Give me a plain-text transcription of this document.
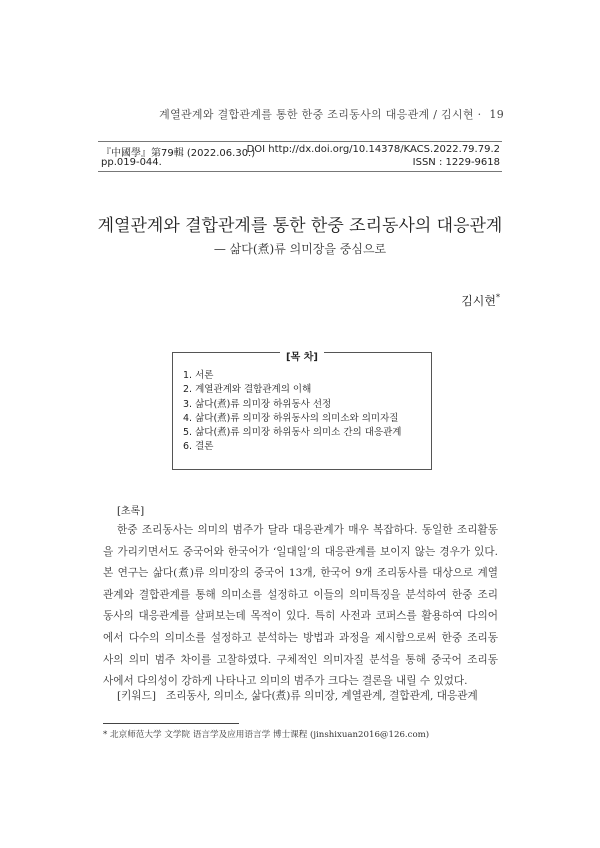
계열관계와 결합관계를 통한 한중 조리동사의 대응관계 / 김시현 · 19
『中國學』第79輯 (2022.06.30.)
pp.019-044.
DOI http://dx.doi.org/10.14378/KACS.2022.79.79.2
ISSN : 1229-9618
계열관계와 결합관계를 통한 한중 조리동사의 대응관계
— 삶다(煮)류 의미장을 중심으로
김시현*
[목 차]
1. 서론
2. 계열관계와 결합관계의 이해
3. 삶다(煮)류 의미장 하위동사 선정
4. 삶다(煮)류 의미장 하위동사의 의미소와 의미자질
5. 삶다(煮)류 의미장 하위동사 의미소 간의 대응관계
6. 결론
[초록]
한중 조리동사는 의미의 범주가 달라 대응관계가 매우 복잡하다. 동일한 조리활동
을 가리키면서도 중국어와 한국어가 ‘일대일’의 대응관계를 보이지 않는 경우가 있다.
본 연구는 삶다(煮)류 의미장의 중국어 13개, 한국어 9개 조리동사를 대상으로 계열
관계와 결합관계를 통해 의미소를 설정하고 이들의 의미특징을 분석하여 한중 조리
동사의 대응관계를 살펴보는데 목적이 있다. 특히 사전과 코퍼스를 활용하여 다의어
에서 다수의 의미소를 설정하고 분석하는 방법과 과정을 제시함으로써 한중 조리동
사의 의미 범주 차이를 고찰하였다. 구체적인 의미자질 분석을 통해 중국어 조리동
사에서 다의성이 강하게 나타나고 의미의 범주가 크다는 결론을 내릴 수 있었다.
[키워드] 조리동사, 의미소, 삶다(煮)류 의미장, 계열관계, 결합관계, 대응관계
* 北京师范大学 文学院 语言学及应用语言学 博士课程 (jinshixuan2016@126.com)
